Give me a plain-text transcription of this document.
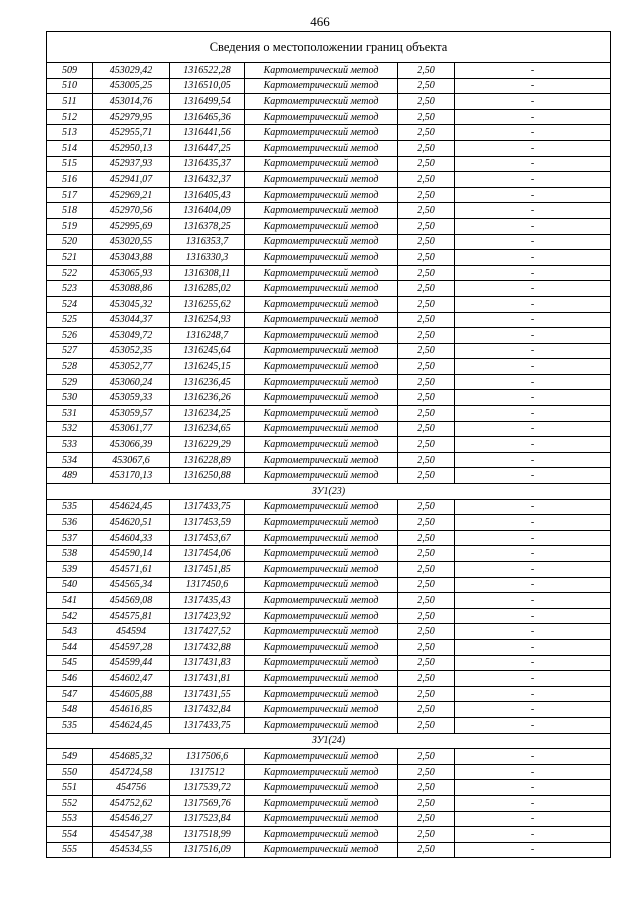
466
Сведения о местоположении границ объекта					
509	453029,42	1316522,28	Картометрический метод	2,50	-
510	453005,25	1316510,05	Картометрический метод	2,50	-
511	453014,76	1316499,54	Картометрический метод	2,50	-
512	452979,95	1316465,36	Картометрический метод	2,50	-
513	452955,71	1316441,56	Картометрический метод	2,50	-
514	452950,13	1316447,25	Картометрический метод	2,50	-
515	452937,93	1316435,37	Картометрический метод	2,50	-
516	452941,07	1316432,37	Картометрический метод	2,50	-
517	452969,21	1316405,43	Картометрический метод	2,50	-
518	452970,56	1316404,09	Картометрический метод	2,50	-
519	452995,69	1316378,25	Картометрический метод	2,50	-
520	453020,55	1316353,7	Картометрический метод	2,50	-
521	453043,88	1316330,3	Картометрический метод	2,50	-
522	453065,93	1316308,11	Картометрический метод	2,50	-
523	453088,86	1316285,02	Картометрический метод	2,50	-
524	453045,32	1316255,62	Картометрический метод	2,50	-
525	453044,37	1316254,93	Картометрический метод	2,50	-
526	453049,72	1316248,7	Картометрический метод	2,50	-
527	453052,35	1316245,64	Картометрический метод	2,50	-
528	453052,77	1316245,15	Картометрический метод	2,50	-
529	453060,24	1316236,45	Картометрический метод	2,50	-
530	453059,33	1316236,26	Картометрический метод	2,50	-
531	453059,57	1316234,25	Картометрический метод	2,50	-
532	453061,77	1316234,65	Картометрический метод	2,50	-
533	453066,39	1316229,29	Картометрический метод	2,50	-
534	453067,6	1316228,89	Картометрический метод	2,50	-
489	453170,13	1316250,88	Картометрический метод	2,50	-
ЗУ1(23)					
535	454624,45	1317433,75	Картометрический метод	2,50	-
536	454620,51	1317453,59	Картометрический метод	2,50	-
537	454604,33	1317453,67	Картометрический метод	2,50	-
538	454590,14	1317454,06	Картометрический метод	2,50	-
539	454571,61	1317451,85	Картометрический метод	2,50	-
540	454565,34	1317450,6	Картометрический метод	2,50	-
541	454569,08	1317435,43	Картометрический метод	2,50	-
542	454575,81	1317423,92	Картометрический метод	2,50	-
543	454594	1317427,52	Картометрический метод	2,50	-
544	454597,28	1317432,88	Картометрический метод	2,50	-
545	454599,44	1317431,83	Картометрический метод	2,50	-
546	454602,47	1317431,81	Картометрический метод	2,50	-
547	454605,88	1317431,55	Картометрический метод	2,50	-
548	454616,85	1317432,84	Картометрический метод	2,50	-
535	454624,45	1317433,75	Картометрический метод	2,50	-
ЗУ1(24)					
549	454685,32	1317506,6	Картометрический метод	2,50	-
550	454724,58	1317512	Картометрический метод	2,50	-
551	454756	1317539,72	Картометрический метод	2,50	-
552	454752,62	1317569,76	Картометрический метод	2,50	-
553	454546,27	1317523,84	Картометрический метод	2,50	-
554	454547,38	1317518,99	Картометрический метод	2,50	-
555	454534,55	1317516,09	Картометрический метод	2,50	-
